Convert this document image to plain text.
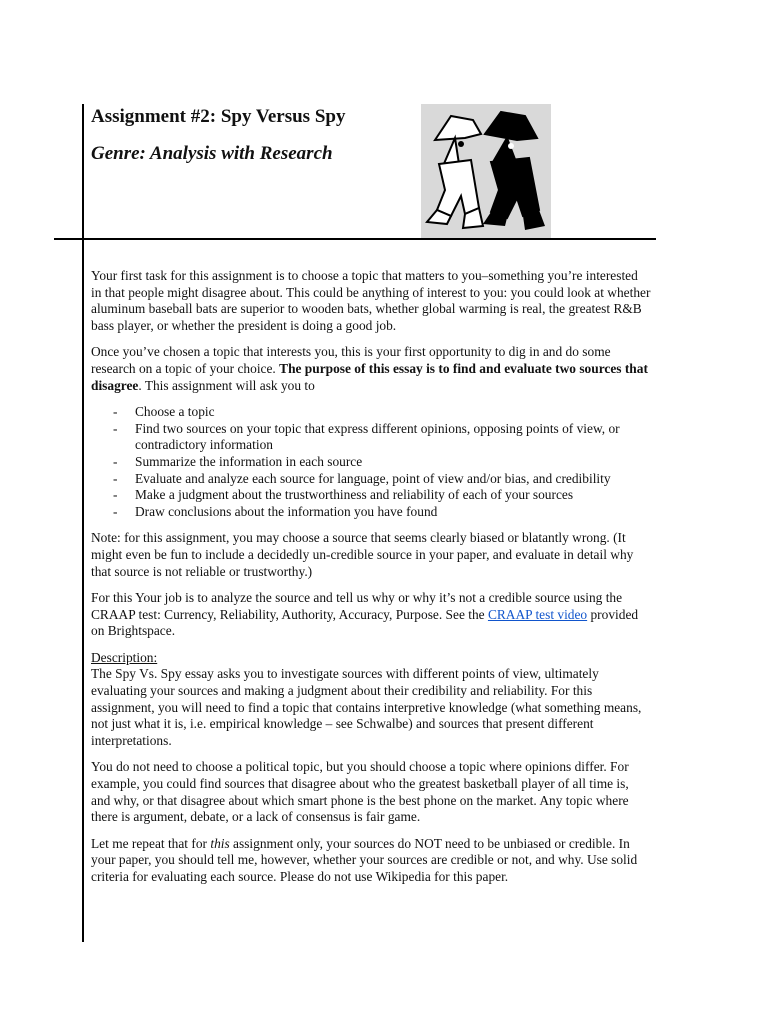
Assignment #2: Spy Versus Spy
Genre: Analysis with Research

Your first task for this assignment is to choose a topic that matters to you–something you’re interested in that people might disagree about. This could be anything of interest to you: you could look at whether aluminum baseball bats are superior to wooden bats, whether global warming is real, the greatest R&B bass player, or whether the president is doing a good job.

Once you’ve chosen a topic that interests you, this is your first opportunity to dig in and do some research on a topic of your choice. The purpose of this essay is to find and evaluate two sources that disagree. This assignment will ask you to

- Choose a topic
- Find two sources on your topic that express different opinions, opposing points of view, or contradictory information
- Summarize the information in each source
- Evaluate and analyze each source for language, point of view and/or bias, and credibility
- Make a judgment about the trustworthiness and reliability of each of your sources
- Draw conclusions about the information you have found

Note: for this assignment, you may choose a source that seems clearly biased or blatantly wrong. (It might even be fun to include a decidedly un-credible source in your paper, and evaluate in detail why that source is not reliable or trustworthy.)

For this Your job is to analyze the source and tell us why or why it’s not a credible source using the CRAAP test: Currency, Reliability, Authority, Accuracy, Purpose. See the CRAAP test video provided on Brightspace.

Description:
The Spy Vs. Spy essay asks you to investigate sources with different points of view, ultimately evaluating your sources and making a judgment about their credibility and reliability. For this assignment, you will need to find a topic that contains interpretive knowledge (what something means, not just what it is, i.e. empirical knowledge – see Schwalbe) and sources that present different interpretations.

You do not need to choose a political topic, but you should choose a topic where opinions differ. For example, you could find sources that disagree about who the greatest basketball player of all time is, and why, or that disagree about which smart phone is the best phone on the market. Any topic where there is argument, debate, or a lack of consensus is fair game.

Let me repeat that for this assignment only, your sources do NOT need to be unbiased or credible. In your paper, you should tell me, however, whether your sources are credible or not, and why. Use solid criteria for evaluating each source. Please do not use Wikipedia for this paper.
